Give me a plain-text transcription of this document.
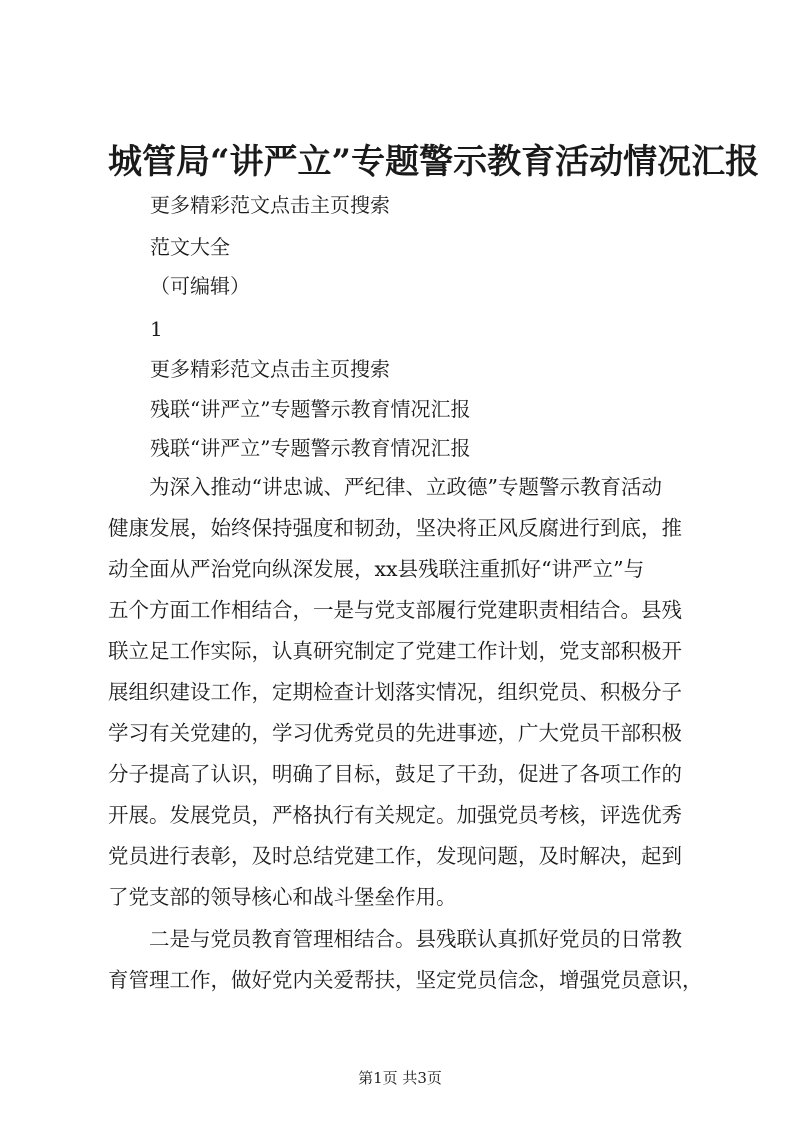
城管局“讲严立”专题警示教育活动情况汇报
更多精彩范文点击主页搜索
范文大全
（可编辑）
1
更多精彩范文点击主页搜索
残联“讲严立”专题警示教育情况汇报
残联“讲严立”专题警示教育情况汇报
为深入推动“讲忠诚、严纪律、立政德”专题警示教育活动
健康发展，始终保持强度和韧劲，坚决将正风反腐进行到底，推
动全面从严治党向纵深发展，xx县残联注重抓好“讲严立”与
五个方面工作相结合，一是与党支部履行党建职责相结合。县残
联立足工作实际，认真研究制定了党建工作计划，党支部积极开
展组织建设工作，定期检查计划落实情况，组织党员、积极分子
学习有关党建的，学习优秀党员的先进事迹，广大党员干部积极
分子提高了认识，明确了目标，鼓足了干劲，促进了各项工作的
开展。发展党员，严格执行有关规定。加强党员考核，评选优秀
党员进行表彰，及时总结党建工作，发现问题，及时解决，起到
了党支部的领导核心和战斗堡垒作用。
二是与党员教育管理相结合。县残联认真抓好党员的日常教
育管理工作，做好党内关爱帮扶，坚定党员信念，增强党员意识，
第1页 共3页
